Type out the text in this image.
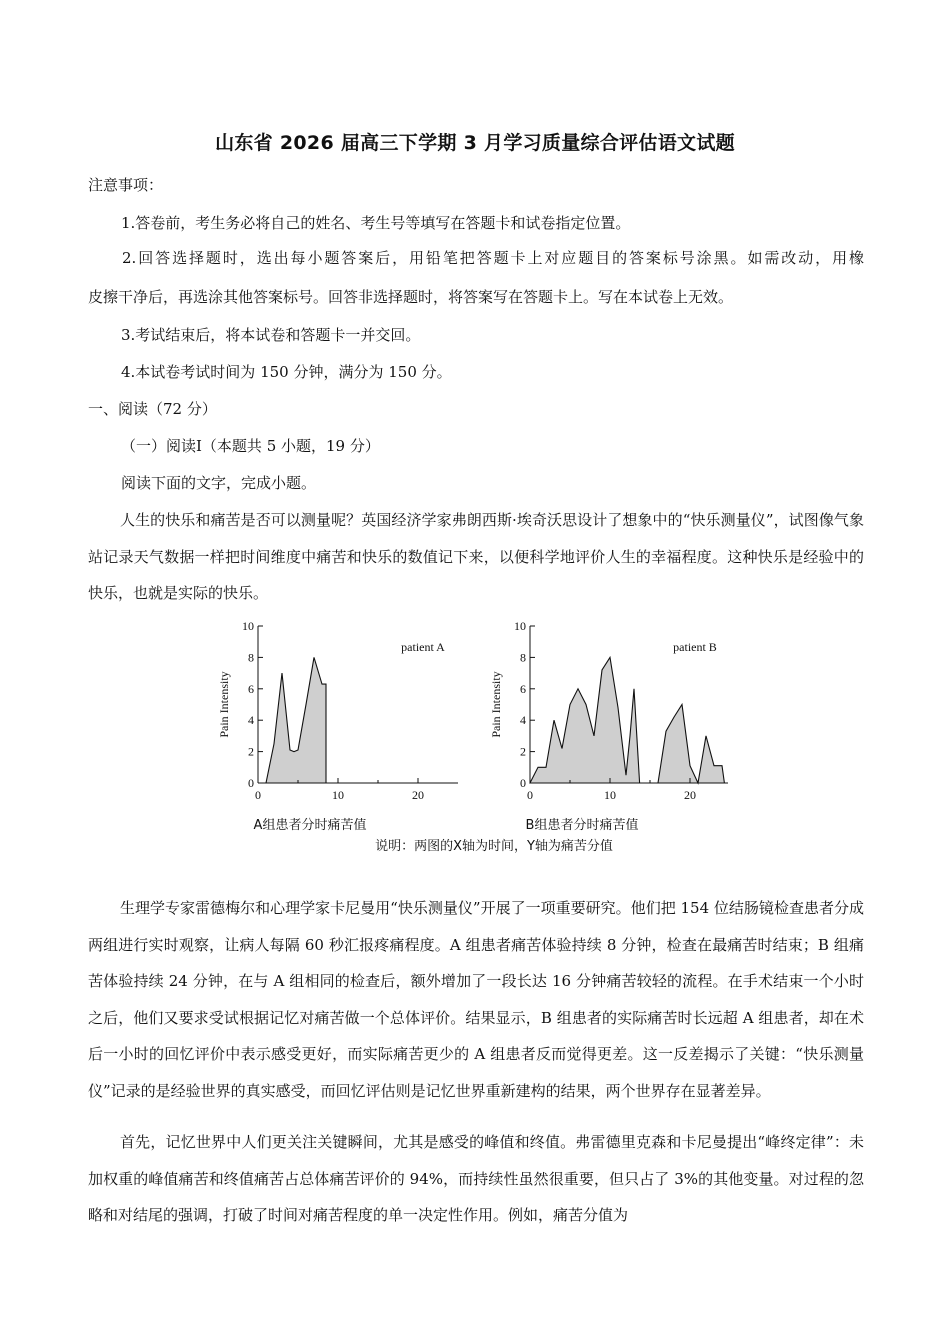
山东省 2026 届高三下学期 3 月学习质量综合评估语文试题
注意事项：
1.答卷前，考生务必将自己的姓名、考生号等填写在答题卡和试卷指定位置。
2.回答选择题时，选出每小题答案后，用铅笔把答题卡上对应题目的答案标号涂黑。如需改动，用橡
皮擦干净后，再选涂其他答案标号。回答非选择题时，将答案写在答题卡上。写在本试卷上无效。
3.考试结束后，将本试卷和答题卡一并交回。
4.本试卷考试时间为 150 分钟，满分为 150 分。
一、阅读（72 分）
（一）阅读Ⅰ（本题共 5 小题，19 分）
阅读下面的文字，完成小题。
人生的快乐和痛苦是否可以测量呢？英国经济学家弗朗西斯·埃奇沃思设计了想象中的“快乐测量仪”，试图像气象站记录天气数据一样把时间维度中痛苦和快乐的数值记下来，以便科学地评价人生的幸福程度。这种快乐是经验中的快乐，也就是实际的快乐。
0
2
4
6
8
10
0	10	20
patient A
Pain Intensity
A组患者分时痛苦值
0
2
4
6
8
10
0	10	20
patient B
Pain Intensity
B组患者分时痛苦值
说明：两图的X轴为时间，Y轴为痛苦分值
生理学专家雷德梅尔和心理学家卡尼曼用“快乐测量仪”开展了一项重要研究。他们把 154 位结肠镜检查患者分成两组进行实时观察，让病人每隔 60 秒汇报疼痛程度。A 组患者痛苦体验持续 8 分钟，检查在最痛苦时结束；B 组痛苦体验持续 24 分钟，在与 A 组相同的检查后，额外增加了一段长达 16 分钟痛苦较轻的流程。在手术结束一个小时之后，他们又要求受试根据记忆对痛苦做一个总体评价。结果显示，B 组患者的实际痛苦时长远超 A 组患者，却在术后一小时的回忆评价中表示感受更好，而实际痛苦更少的 A 组患者反而觉得更差。这一反差揭示了关键：“快乐测量仪”记录的是经验世界的真实感受，而回忆评估则是记忆世界重新建构的结果，两个世界存在显著差异。
首先，记忆世界中人们更关注关键瞬间，尤其是感受的峰值和终值。弗雷德里克森和卡尼曼提出“峰终定律”：未加权重的峰值痛苦和终值痛苦占总体痛苦评价的 94%，而持续性虽然很重要，但只占了 3%的其他变量。对过程的忽略和对结尾的强调，打破了时间对痛苦程度的单一决定性作用。例如，痛苦分值为
